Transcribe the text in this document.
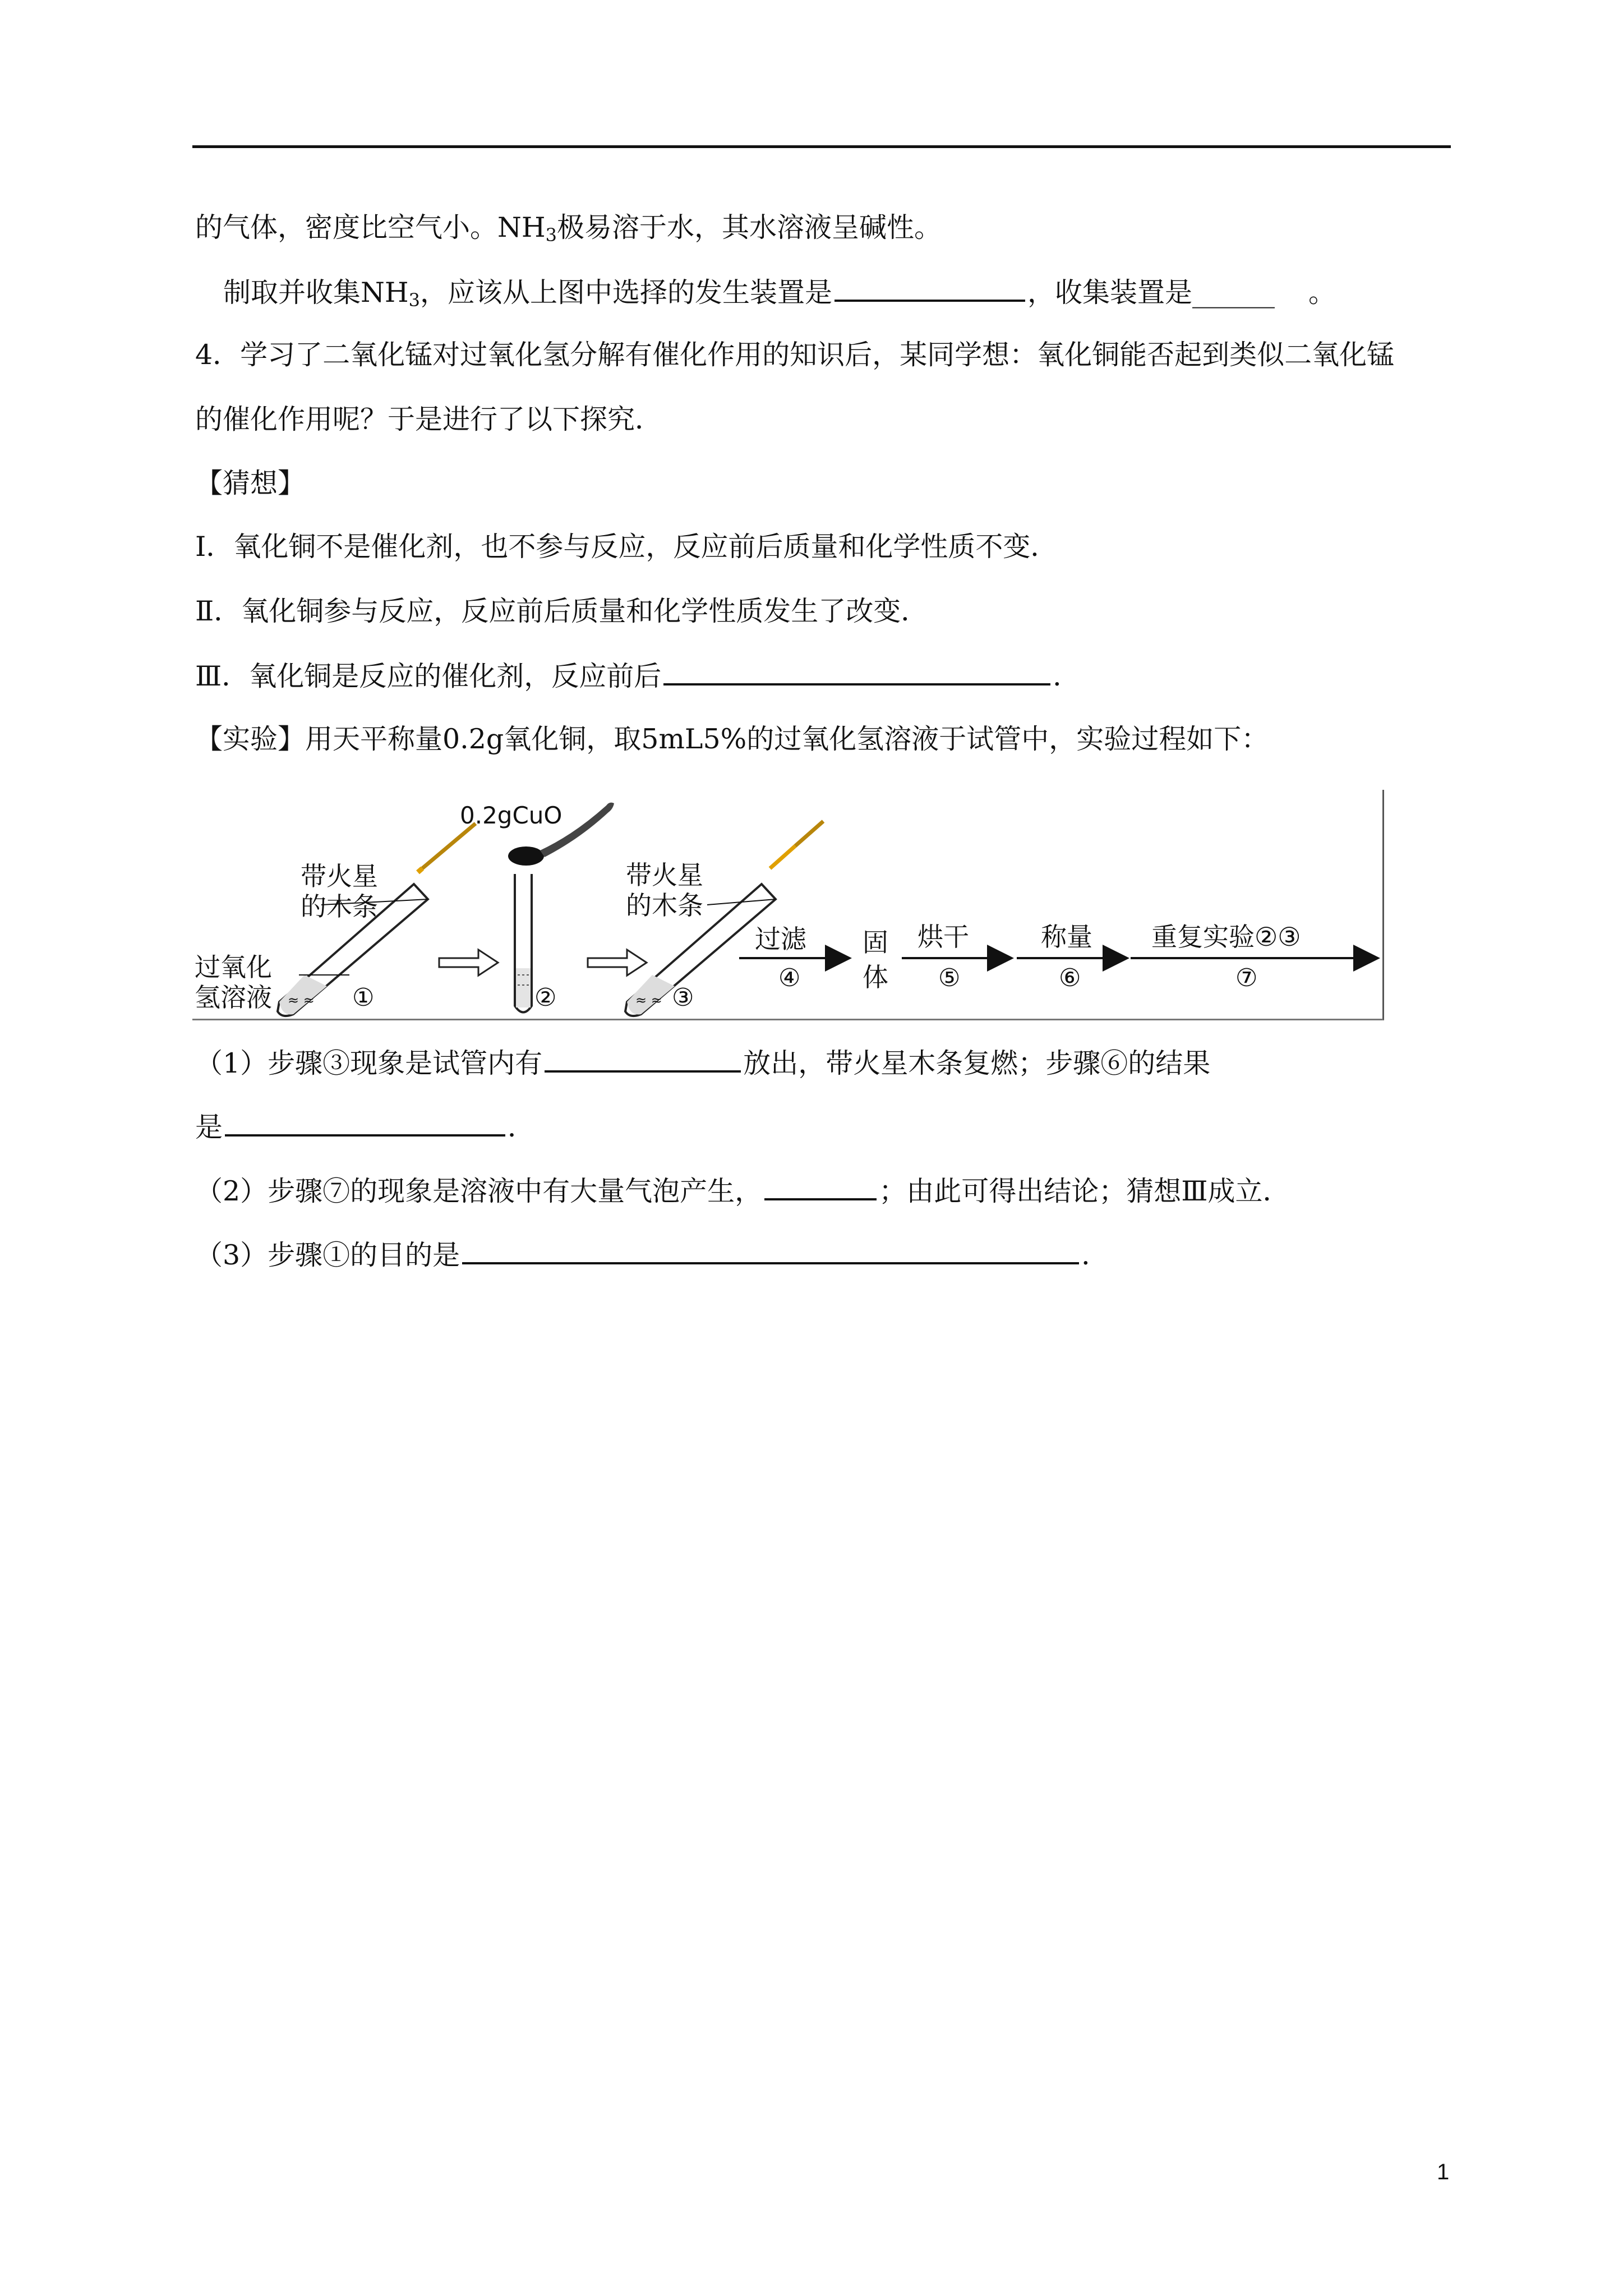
的气体，密度比空气小。$NH_3$极易溶于水，其水溶液呈碱性。
制取并收集$NH_3$，应该从上图中选择的发生装置是	，收集装置是______ 。
4．学习了二氧化锰对过氧化氢分解有催化作用的知识后，某同学想：氧化铜能否起到类似二氧化锰
的催化作用呢？于是进行了以下探究．
【猜想】
Ⅰ．氧化铜不是催化剂，也不参与反应，反应前后质量和化学性质不变．
Ⅱ．氧化铜参与反应，反应前后质量和化学性质发生了改变．
Ⅲ．氧化铜是反应的催化剂，反应前后	．
【实验】用天平称量0.2g氧化铜，取5mL5%的过氧化氢溶液于试管中，实验过程如下：
≈ ≈
带火星
的木条
过氧化
氢溶液	①	②
0.2gCuO
≈ ≈
带火星
的木条
③
过滤
④
固
体
烘干
⑤
称量
⑥
重复实验②③
⑦
（1）步骤③现象是试管内有	放出，带火星木条复燃；步骤⑥的结果
是	．
（2）步骤⑦的现象是溶液中有大量气泡产生，	；由此可得出结论；猜想Ⅲ成立．
（3）步骤①的目的是	．
1
